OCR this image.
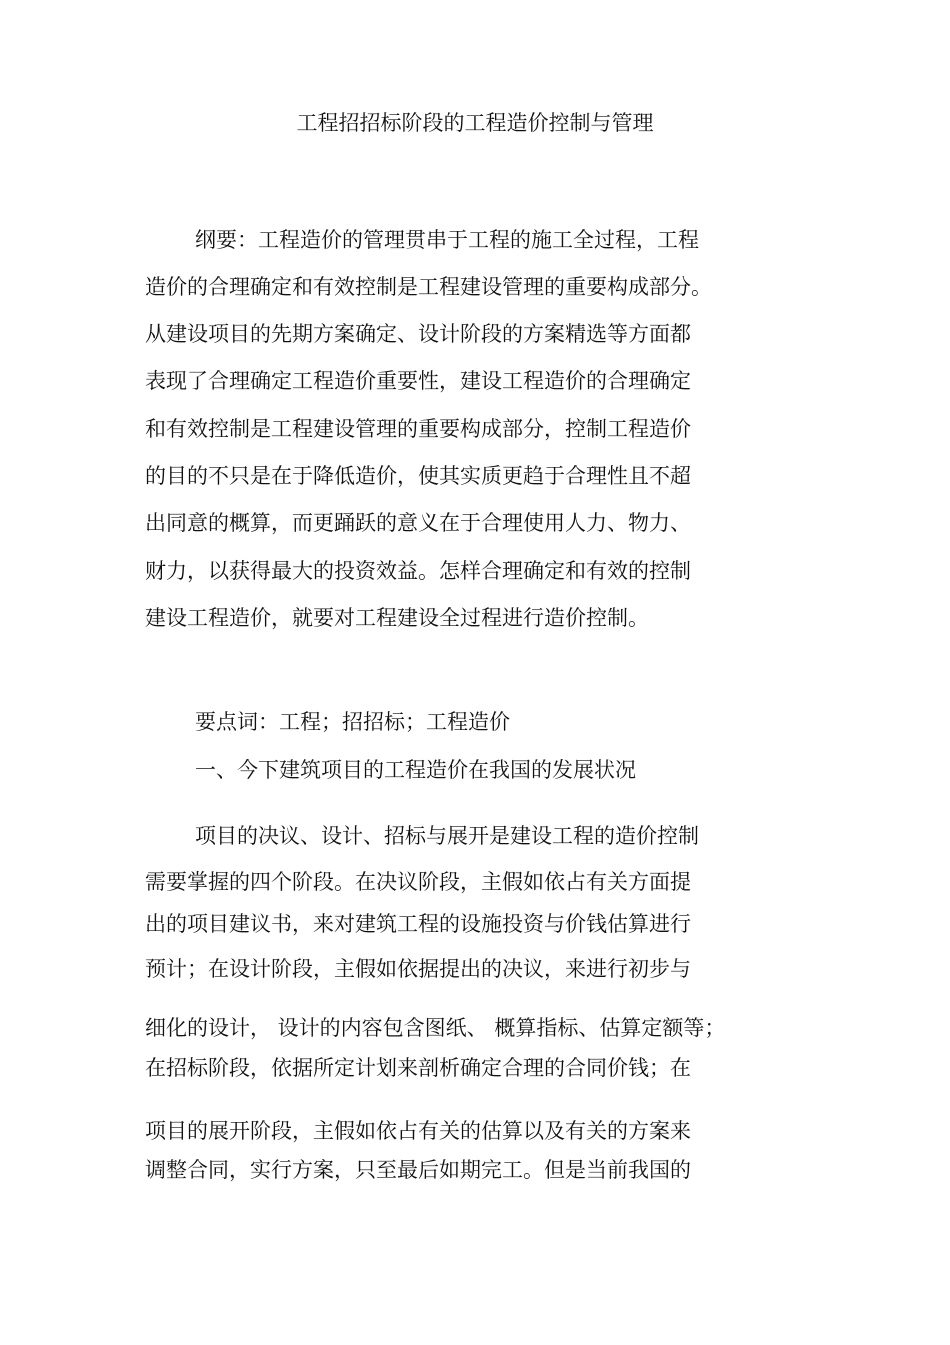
工程招招标阶段的工程造价控制与管理
纲要：工程造价的管理贯串于工程的施工全过程，工程
造价的合理确定和有效控制是工程建设管理的重要构成部分。
从建设项目的先期方案确定、设计阶段的方案精选等方面都
表现了合理确定工程造价重要性，建设工程造价的合理确定
和有效控制是工程建设管理的重要构成部分，控制工程造价
的目的不只是在于降低造价，使其实质更趋于合理性且不超
出同意的概算，而更踊跃的意义在于合理使用人力、物力、
财力，以获得最大的投资效益。怎样合理确定和有效的控制
建设工程造价，就要对工程建设全过程进行造价控制。
要点词：工程；招招标；工程造价
一、今下建筑项目的工程造价在我国的发展状况
项目的决议、设计、招标与展开是建设工程的造价控制
需要掌握的四个阶段。在决议阶段，主假如依占有关方面提
出的项目建议书，来对建筑工程的设施投资与价钱估算进行
预计；在设计阶段，主假如依据提出的决议，来进行初步与
细化的设计， 设计的内容包含图纸、 概算指标、估算定额等；
在招标阶段，依据所定计划来剖析确定合理的合同价钱；在
项目的展开阶段，主假如依占有关的估算以及有关的方案来
调整合同，实行方案，只至最后如期完工。但是当前我国的
